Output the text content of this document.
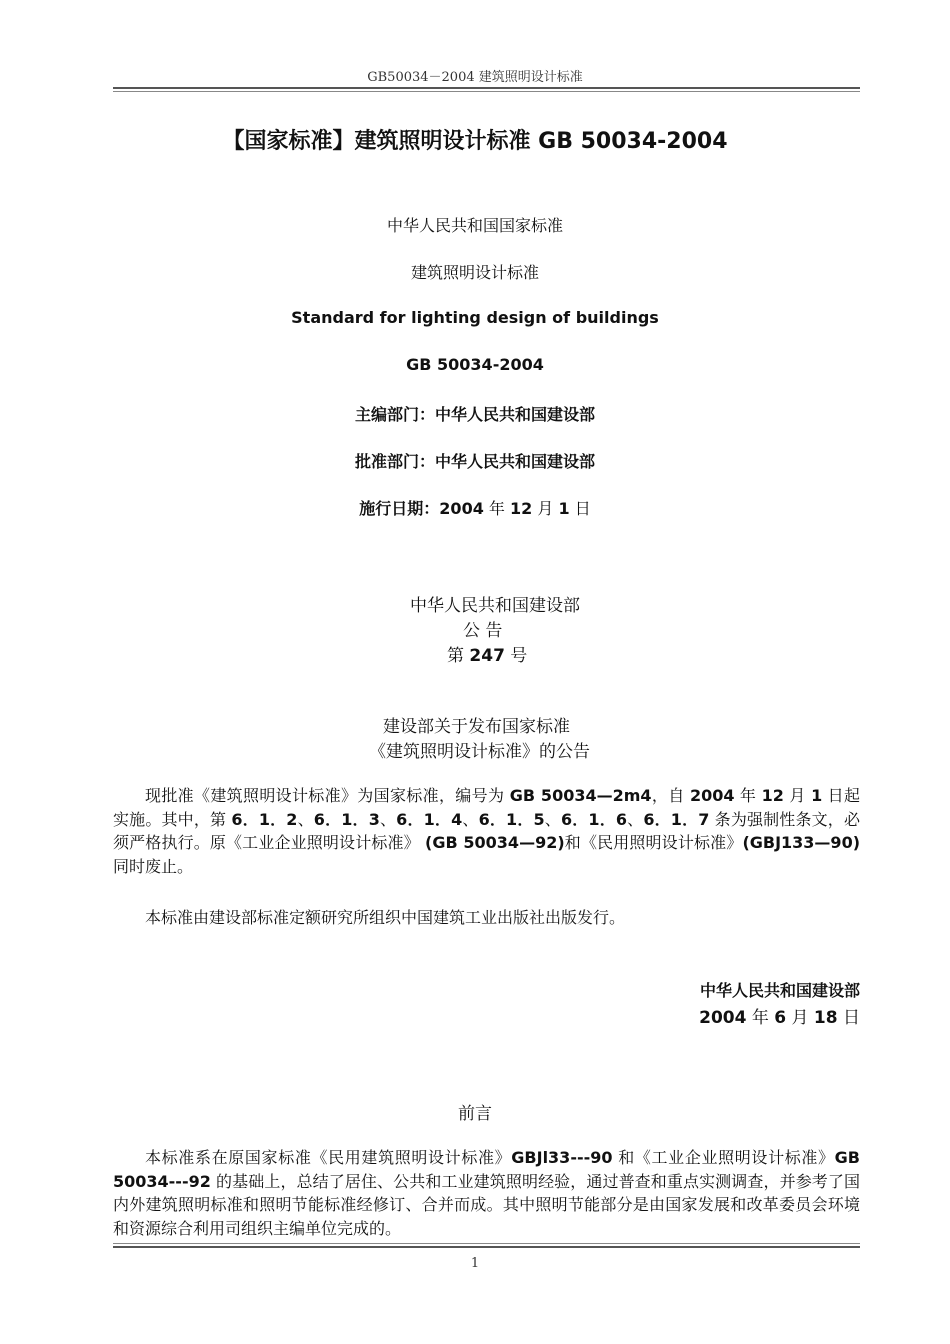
GB50034－2004 建筑照明设计标准
【国家标准】建筑照明设计标准 GB 50034-2004
中华人民共和国国家标准
建筑照明设计标准
Standard for lighting design of buildings
GB 50034-2004
主编部门：中华人民共和国建设部
批准部门：中华人民共和国建设部
施行日期：2004 年 12 月 1 日
中华人民共和国建设部
公 告
第 247 号
建设部关于发布国家标准
《建筑照明设计标准》的公告

现批准《建筑照明设计标准》为国家标准，编号为 GB 50034—2m4，自 2004 年 12 月 1 日起实施。其中，第 6．1．2、6．1．3、6．1．4、6．1．5、6．1．6、6．1．7 条为强制性条文，必须严格执行。原《工业企业照明设计标准》 (GB 50034—92)和《民用照明设计标准》(GBJ133—90)同时废止。

本标准由建设部标准定额研究所组织中国建筑工业出版社出版发行。

中华人民共和国建设部
2004 年 6 月 18 日
前言

本标准系在原国家标准《民用建筑照明设计标准》GBJl33---90 和《工业企业照明设计标准》GB 50034---92 的基础上，总结了居住、公共和工业建筑照明经验，通过普查和重点实测调查，并参考了国内外建筑照明标准和照明节能标准经修订、合并而成。其中照明节能部分是由国家发展和改革委员会环境和资源综合利用司组织主编单位完成的。

1
